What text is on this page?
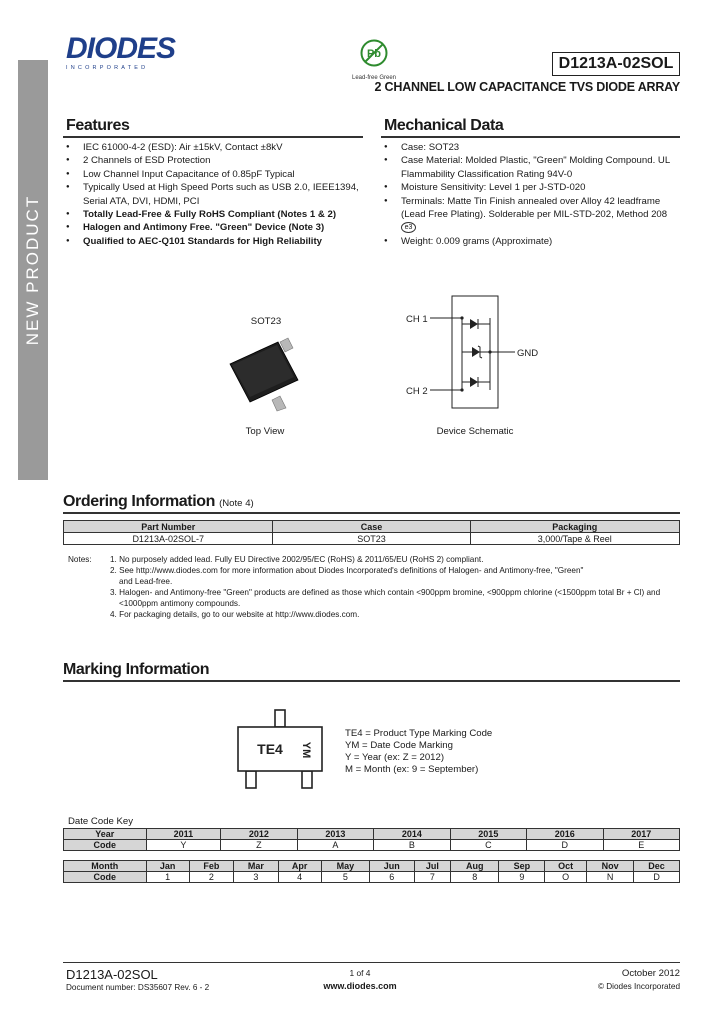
NEW PRODUCT
DIODES
INCORPORATED
Pb
Lead-free Green
D1213A-02SOL
2 CHANNEL LOW CAPACITANCE TVS DIODE ARRAY
Features
● IEC 61000-4-2 (ESD): Air ±15kV, Contact ±8kV
● 2 Channels of ESD Protection
● Low Channel Input Capacitance of 0.85pF Typical
● Typically Used at High Speed Ports such as USB 2.0, IEEE1394, Serial ATA, DVI, HDMI, PCI
● Totally Lead-Free & Fully RoHS Compliant (Notes 1 & 2)
● Halogen and Antimony Free. "Green" Device (Note 3)
● Qualified to AEC-Q101 Standards for High Reliability
Mechanical Data
● Case: SOT23
● Case Material: Molded Plastic, "Green" Molding Compound. UL Flammability Classification Rating 94V-0
● Moisture Sensitivity: Level 1 per J-STD-020
● Terminals: Matte Tin Finish annealed over Alloy 42 leadframe (Lead Free Plating). Solderable per MIL-STD-202, Method 208 e3
● Weight: 0.009 grams (Approximate)
SOT23
Top View
CH 1
CH 2
GND
Device Schematic
Ordering Information (Note 4)
Part Number	Case	Packaging
D1213A-02SOL-7	SOT23	3,000/Tape & Reel
Notes:	1. No purposely added lead. Fully EU Directive 2002/95/EC (RoHS) & 2011/65/EU (RoHS 2) compliant.
2. See http://www.diodes.com for more information about Diodes Incorporated's definitions of Halogen- and Antimony-free, "Green"
and Lead-free.
3. Halogen- and Antimony-free "Green" products are defined as those which contain <900ppm bromine, <900ppm chlorine (<1500ppm total Br + Cl) and
<1000ppm antimony compounds.
4. For packaging details, go to our website at http://www.diodes.com.
Marking Information
TE4 YM
TE4 = Product Type Marking Code
YM = Date Code Marking
Y = Year (ex: Z = 2012)
M = Month (ex: 9 = September)
Date Code Key
Year	2011	2012	2013	2014	2015	2016	2017
Code	Y	Z	A	B	C	D	E
Month	Jan	Feb	Mar	Apr	May	Jun	Jul	Aug	Sep	Oct	Nov	Dec
Code	1	2	3	4	5	6	7	8	9	O	N	D
D1213A-02SOL
Document number: DS35607 Rev. 6 - 2
1 of 4
www.diodes.com
October 2012
© Diodes Incorporated
